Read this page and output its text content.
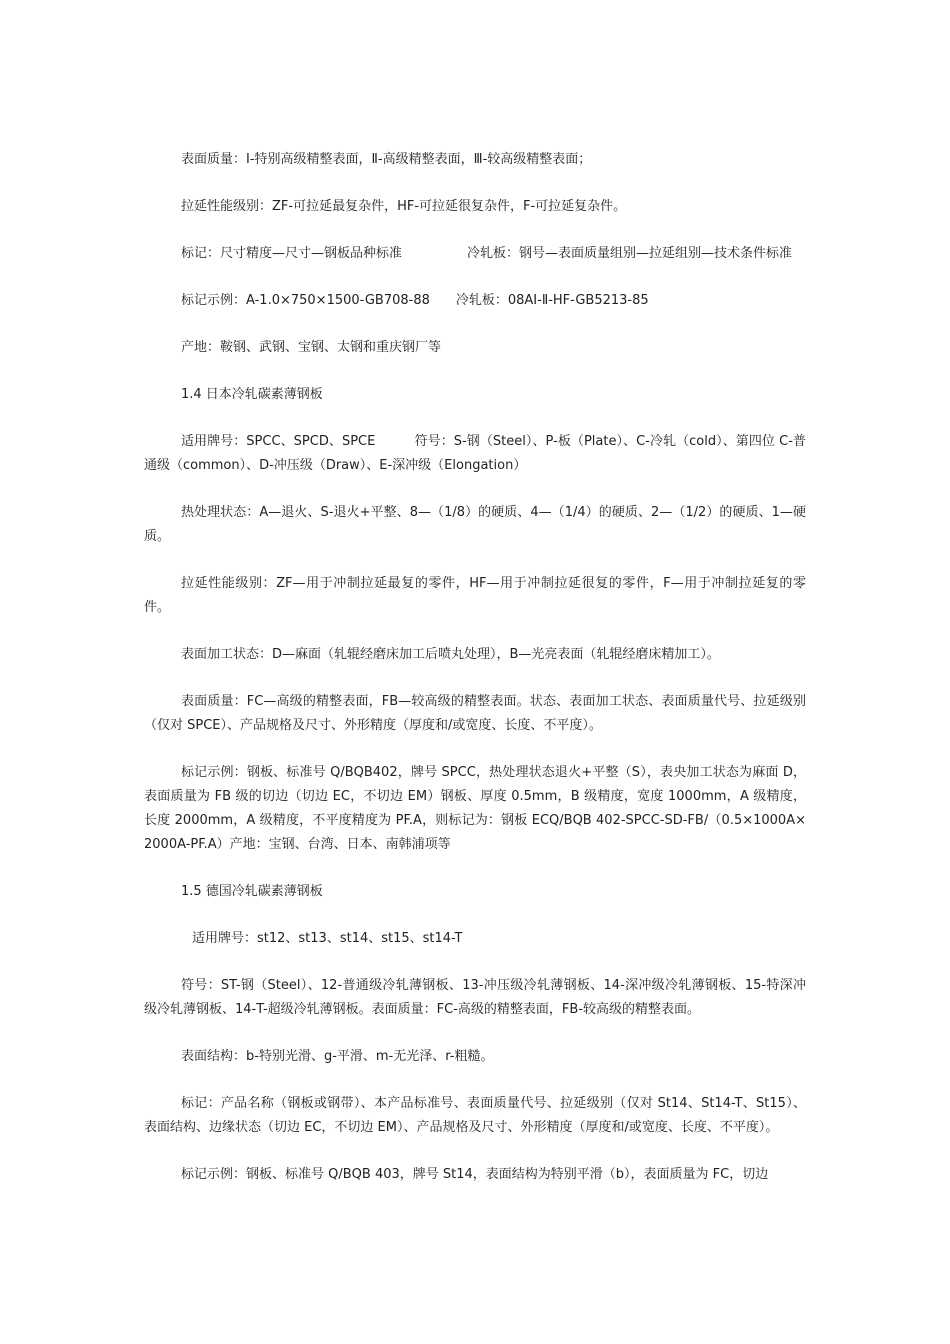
表面质量：Ⅰ-特别高级精整表面，Ⅱ-高级精整表面，Ⅲ-较高级精整表面；

拉延性能级别：ZF-可拉延最复杂件，HF-可拉延很复杂件，F-可拉延复杂件。

标记：尺寸精度—尺寸—钢板品种标准　　　　　冷轧板：钢号—表面质量组别—拉延组别—技术条件标准

标记示例：A-1.0×750×1500-GB708-88　　冷轧板：08AⅠ-Ⅱ-HF-GB5213-85

产地：鞍钢、武钢、宝钢、太钢和重庆钢厂等

1.4 日本冷轧碳素薄钢板

适用牌号：SPCC、SPCD、SPCE　　　符号：S-钢（Steel）、P-板（Plate）、C-冷轧（cold）、第四位 C-普通级（common）、D-冲压级（Draw）、E-深冲级（Elongation）

热处理状态：A—退火、S-退火+平整、8—（1/8）的硬质、4—（1/4）的硬质、2—（1/2）的硬质、1—硬质。

拉延性能级别：ZF—用于冲制拉延最复的零件，HF—用于冲制拉延很复的零件，F—用于冲制拉延复的零件。

表面加工状态：D—麻面（轧辊经磨床加工后喷丸处理），B—光亮表面（轧辊经磨床精加工）。

表面质量：FC—高级的精整表面，FB—较高级的精整表面。状态、表面加工状态、表面质量代号、拉延级别（仅对 SPCE）、产品规格及尺寸、外形精度（厚度和/或宽度、长度、不平度）。

标记示例：钢板、标准号 Q/BQB402，牌号 SPCC，热处理状态退火+平整（S），表央加工状态为麻面 D，表面质量为 FB 级的切边（切边 EC，不切边 EM）钢板、厚度 0.5mm，B 级精度，宽度 1000mm，A 级精度，长度 2000mm，A 级精度，不平度精度为 PF.A，则标记为：钢板 ECQ/BQB 402-SPCC-SD-FB/（0.5×1000A×2000A-PF.A）产地：宝钢、台湾、日本、南韩浦项等

1.5 德国冷轧碳素薄钢板

适用牌号：st12、st13、st14、st15、st14-T

符号：ST-钢（Steel）、12-普通级冷轧薄钢板、13-冲压级冷轧薄钢板、14-深冲级冷轧薄钢板、15-特深冲级冷轧薄钢板、14-T-超级冷轧薄钢板。表面质量：FC-高级的精整表面，FB-较高级的精整表面。

表面结构：b-特别光滑、g-平滑、m-无光泽、r-粗糙。

标记：产品名称（钢板或钢带）、本产品标准号、表面质量代号、拉延级别（仅对 St14、St14-T、St15）、表面结构、边缘状态（切边 EC，不切边 EM）、产品规格及尺寸、外形精度（厚度和/或宽度、长度、不平度）。

标记示例：钢板、标准号 Q/BQB 403，牌号 St14，表面结构为特别平滑（b），表面质量为 FC，切边
